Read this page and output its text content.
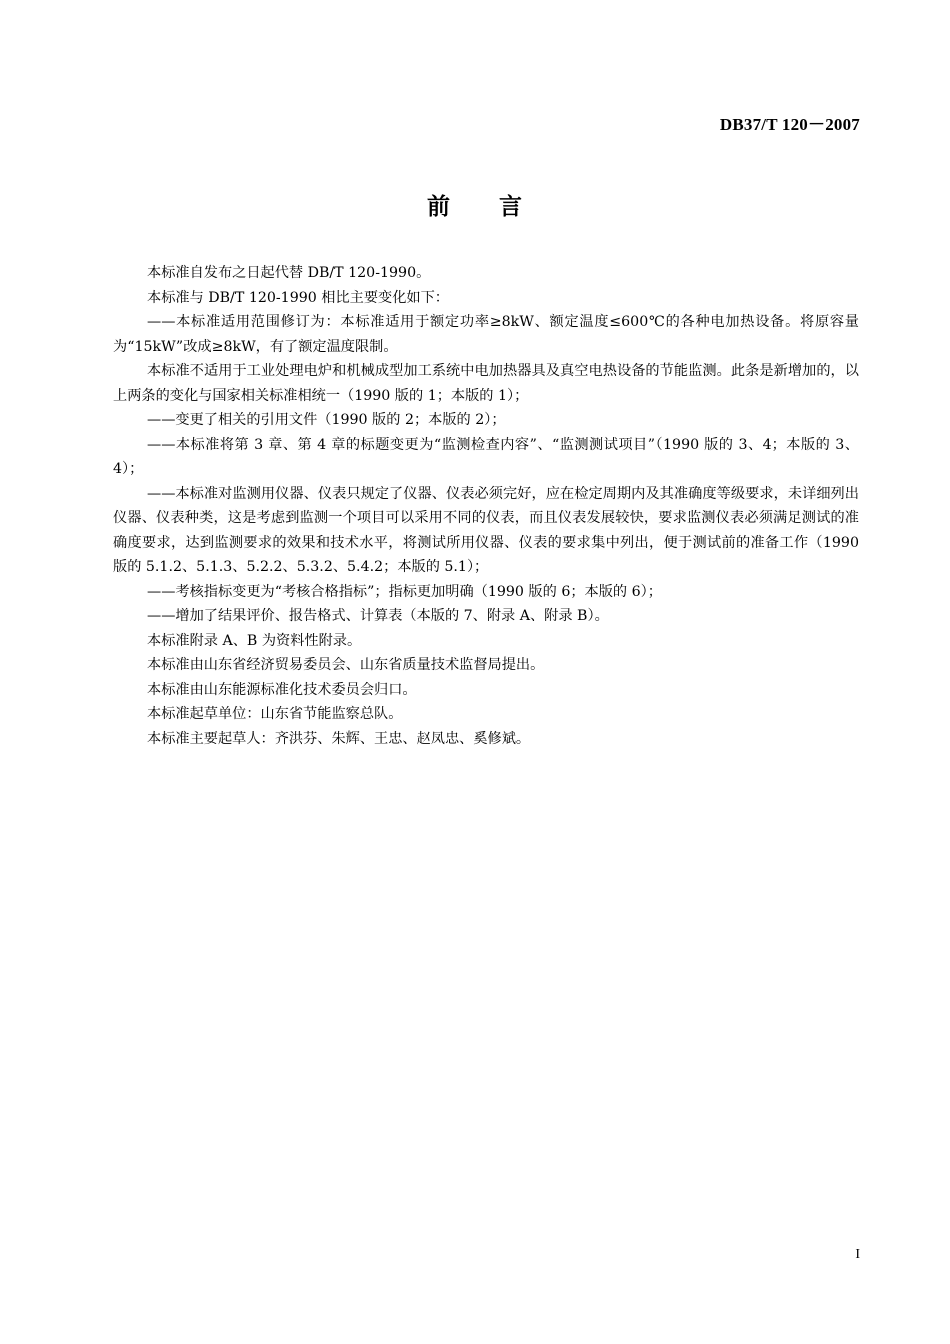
DB37/T 120－2007
前 言

本标准自发布之日起代替 DB/T 120-1990。

本标准与 DB/T 120-1990 相比主要变化如下：

——本标准适用范围修订为：本标准适用于额定功率≥8kW、额定温度≤600℃的各种电加热设备。将原容量为“15kW”改成≥8kW，有了额定温度限制。

本标准不适用于工业处理电炉和机械成型加工系统中电加热器具及真空电热设备的节能监测。此条是新增加的，以上两条的变化与国家相关标准相统一（1990 版的 1；本版的 1）；

——变更了相关的引用文件（1990 版的 2；本版的 2）；

——本标准将第 3 章、第 4 章的标题变更为“监测检查内容”、“监测测试项目”（1990 版的 3、4；本版的 3、4）；

——本标准对监测用仪器、仪表只规定了仪器、仪表必须完好，应在检定周期内及其准确度等级要求，未详细列出仪器、仪表种类，这是考虑到监测一个项目可以采用不同的仪表，而且仪表发展较快，要求监测仪表必须满足测试的准确度要求，达到监测要求的效果和技术水平，将测试所用仪器、仪表的要求集中列出，便于测试前的准备工作（1990 版的 5.1.2、5.1.3、5.2.2、5.3.2、5.4.2；本版的 5.1）；

——考核指标变更为“考核合格指标”；指标更加明确（1990 版的 6；本版的 6）；

——增加了结果评价、报告格式、计算表（本版的 7、附录 A、附录 B）。

本标准附录 A、B 为资料性附录。

本标准由山东省经济贸易委员会、山东省质量技术监督局提出。

本标准由山东能源标准化技术委员会归口。

本标准起草单位：山东省节能监察总队。

本标准主要起草人：齐洪芬、朱辉、王忠、赵凤忠、奚修斌。

I
